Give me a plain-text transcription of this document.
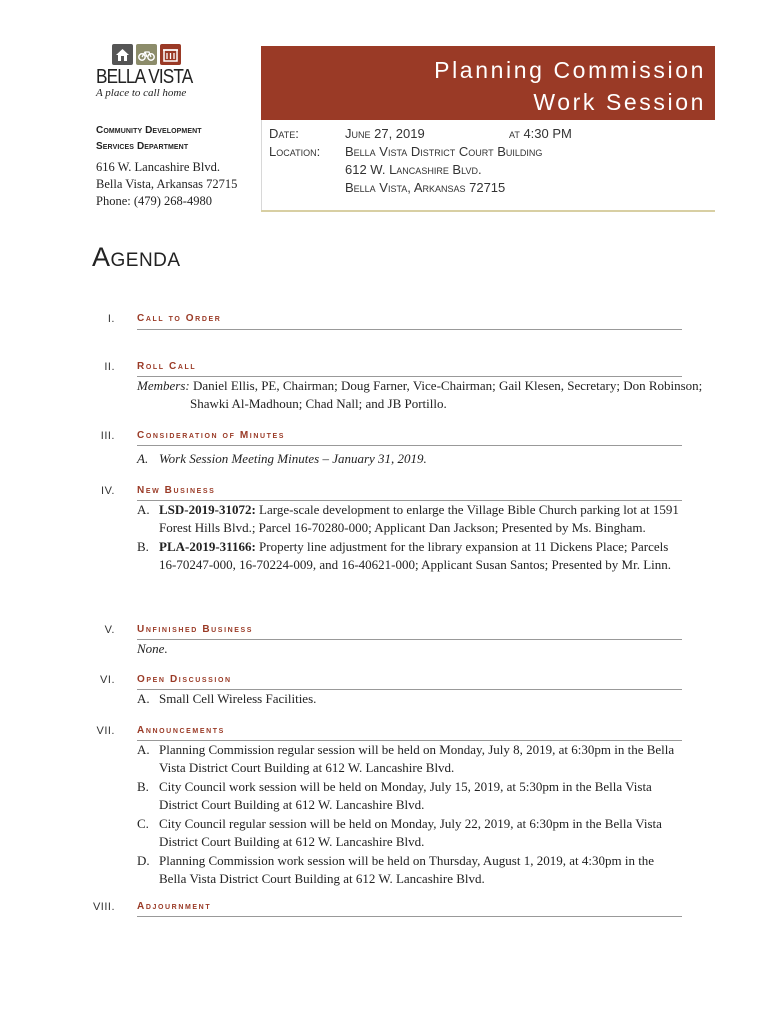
BELLA VISTA
A place to call home
Community Development
Services Department
616 W. Lancashire Blvd.
Bella Vista, Arkansas 72715
Phone: (479) 268-4980
Planning Commission
Work Session
Date:	June 27, 2019	at 4:30 PM
Location: Bella Vista District Court Building
612 W. Lancashire Blvd.
Bella Vista, Arkansas 72715
Agenda
I. Call to Order
II. Roll Call
Members: Daniel Ellis, PE, Chairman; Doug Farner, Vice-Chairman; Gail Klesen, Secretary; Don Robinson; Shawki Al-Madhoun; Chad Nall; and JB Portillo.
III. Consideration of Minutes
A. Work Session Meeting Minutes – January 31, 2019.
IV. New Business
A. LSD-2019-31072: Large-scale development to enlarge the Village Bible Church parking lot at 1591 Forest Hills Blvd.; Parcel 16-70280-000; Applicant Dan Jackson; Presented by Ms. Bingham.
B. PLA-2019-31166: Property line adjustment for the library expansion at 11 Dickens Place; Parcels 16-70247-000, 16-70224-009, and 16-40621-000; Applicant Susan Santos; Presented by Mr. Linn.
V. Unfinished Business
None.
VI. Open Discussion
A. Small Cell Wireless Facilities.
VII. Announcements
A. Planning Commission regular session will be held on Monday, July 8, 2019, at 6:30pm in the Bella Vista District Court Building at 612 W. Lancashire Blvd.
B. City Council work session will be held on Monday, July 15, 2019, at 5:30pm in the Bella Vista District Court Building at 612 W. Lancashire Blvd.
C. City Council regular session will be held on Monday, July 22, 2019, at 6:30pm in the Bella Vista District Court Building at 612 W. Lancashire Blvd.
D. Planning Commission work session will be held on Thursday, August 1, 2019, at 4:30pm in the Bella Vista District Court Building at 612 W. Lancashire Blvd.
VIII. Adjournment
